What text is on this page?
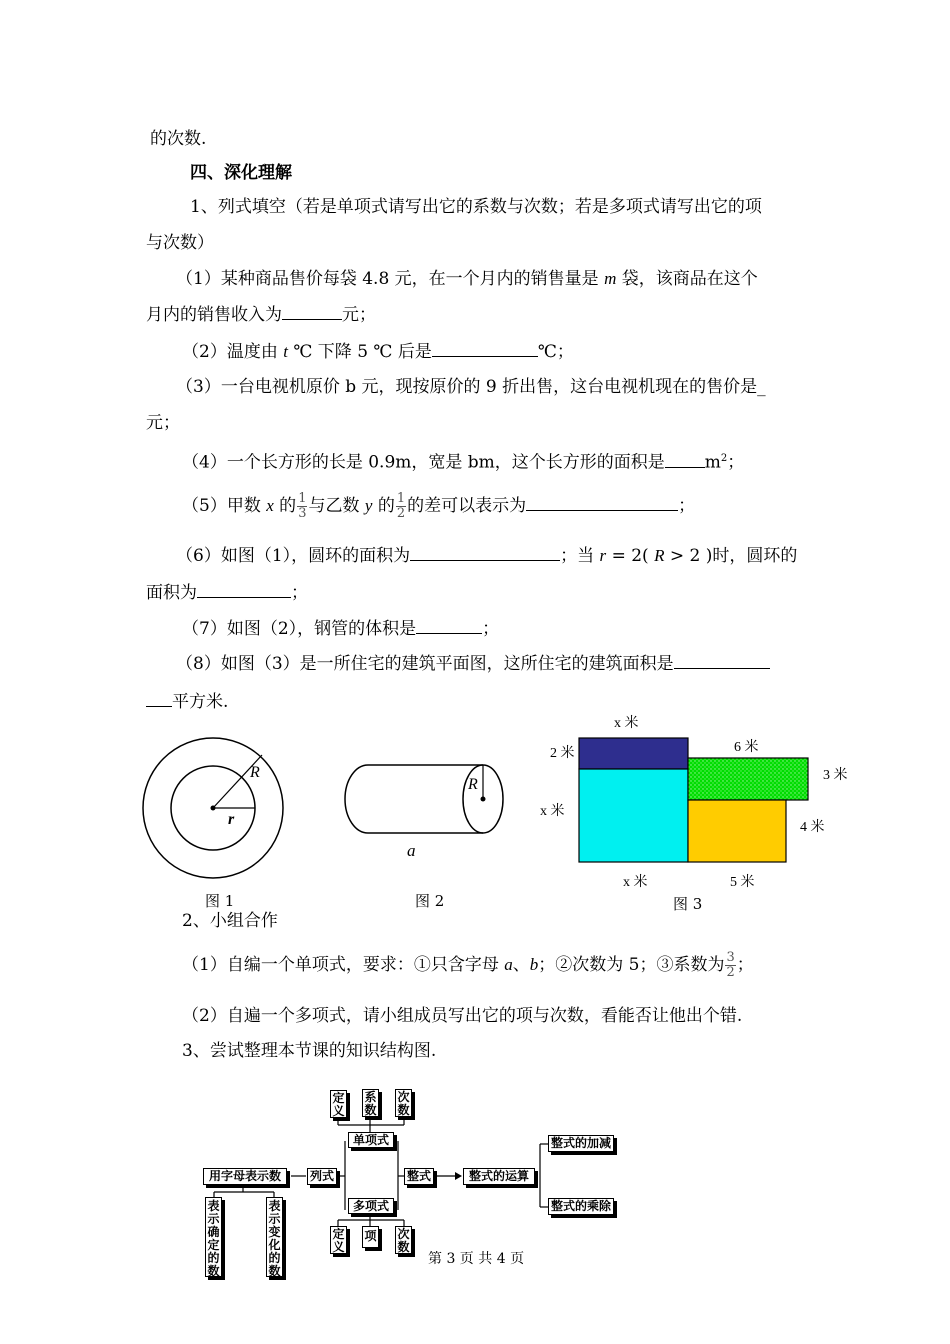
的次数.
四、深化理解
1、列式填空（若是单项式请写出它的系数与次数；若是多项式请写出它的项
与次数）
（1）某种商品售价每袋 4.8 元，在一个月内的销售量是 m 袋，该商品在这个
月内的销售收入为	元；
（2）温度由 t ℃ 下降 5 ℃ 后是	℃；
（3）一台电视机原价 b 元，现按原价的 9 折出售，这台电视机现在的售价是_
元；
（4）一个长方形的长是 0.9m，宽是 bm，这个长方形的面积是 $m^2$；
（5）甲数 x 的 $\frac{1}{3}$ 与乙数 y 的 $\frac{1}{2}$ 的差可以表示为	；
（6）如图（1），圆环的面积为	；当 r = 2( R > 2 )时，圆环的
面积为	；
（7）如图（2），钢管的体积是	；
（8）如图（3）是一所住宅的建筑平面图，这所住宅的建筑面积是
平方米.
R
r
图 1
R
a
图 2
x 米
2 米
x 米
6 米
3 米
4 米
x 米	5 米
图 3
2、小组合作
（1）自编一个单项式，要求：①只含字母 a、b；②次数为 5；③系数为 $\frac{3}{2}$ ；
（2）自遍一个多项式，请小组成员写出它的项与次数，看能否让他出个错.
3、尝试整理本节课的知识结构图.
定义
系数
次数
单项式
用字母表示数	列式	整式	整式的运算
整式的加减
整式的乘除
多项式
定义
项 次数
表示确定的数
表示变化的数
第 3 页 共 4 页
